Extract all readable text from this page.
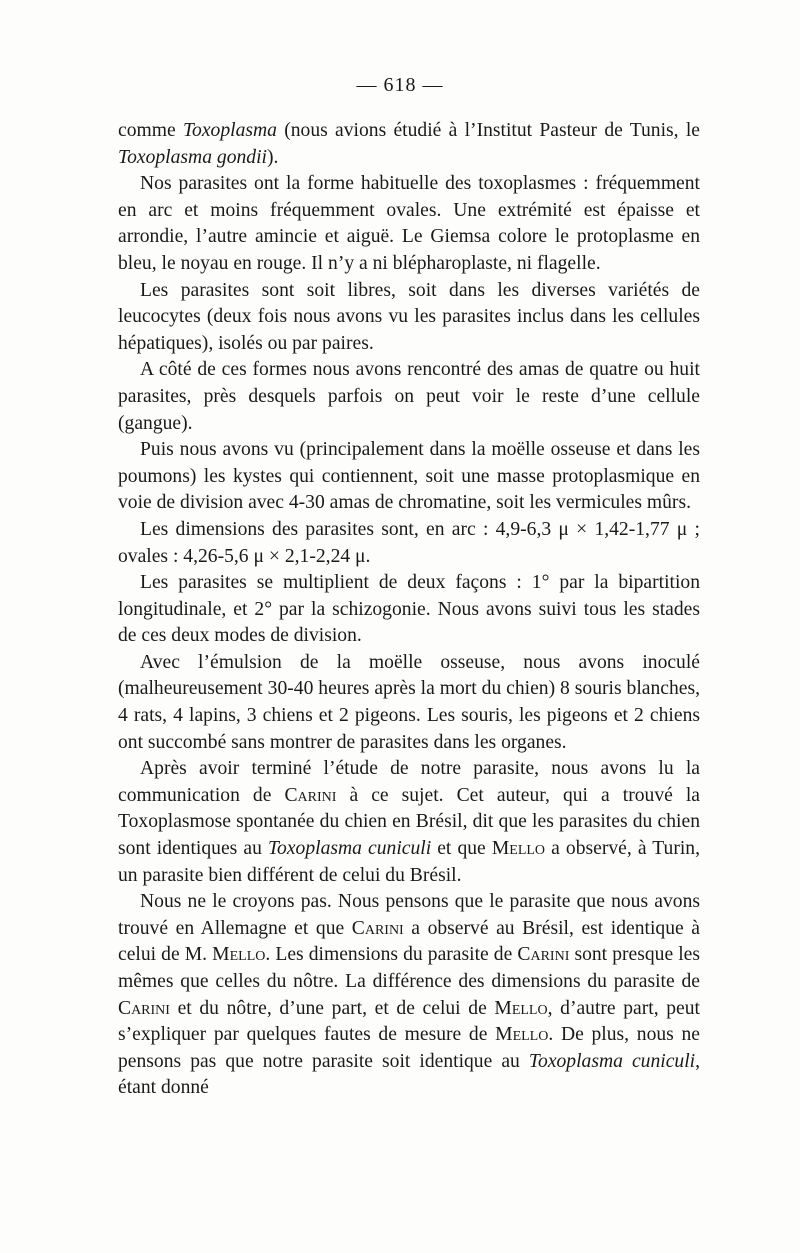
— 618 —

comme Toxoplasma (nous avions étudié à l’Institut Pasteur de Tunis, le Toxoplasma gondii).

Nos parasites ont la forme habituelle des toxoplasmes : fréquemment en arc et moins fréquemment ovales. Une extrémité est épaisse et arrondie, l’autre amincie et aiguë. Le Giemsa colore le protoplasme en bleu, le noyau en rouge. Il n’y a ni blépharoplaste, ni flagelle.

Les parasites sont soit libres, soit dans les diverses variétés de leucocytes (deux fois nous avons vu les parasites inclus dans les cellules hépatiques), isolés ou par paires.

A côté de ces formes nous avons rencontré des amas de quatre ou huit parasites, près desquels parfois on peut voir le reste d’une cellule (gangue).

Puis nous avons vu (principalement dans la moëlle osseuse et dans les poumons) les kystes qui contiennent, soit une masse protoplasmique en voie de division avec 4-30 amas de chromatine, soit les vermicules mûrs.

Les dimensions des parasites sont, en arc : 4,9-6,3 μ × 1,42-1,77 μ ; ovales : 4,26-5,6 μ × 2,1-2,24 μ.

Les parasites se multiplient de deux façons : 1° par la bipartition longitudinale, et 2° par la schizogonie. Nous avons suivi tous les stades de ces deux modes de division.

Avec l’émulsion de la moëlle osseuse, nous avons inoculé (malheureusement 30-40 heures après la mort du chien) 8 souris blanches, 4 rats, 4 lapins, 3 chiens et 2 pigeons. Les souris, les pigeons et 2 chiens ont succombé sans montrer de parasites dans les organes.

Après avoir terminé l’étude de notre parasite, nous avons lu la communication de Carini à ce sujet. Cet auteur, qui a trouvé la Toxoplasmose spontanée du chien en Brésil, dit que les parasites du chien sont identiques au Toxoplasma cuniculi et que Mello a observé, à Turin, un parasite bien différent de celui du Brésil.

Nous ne le croyons pas. Nous pensons que le parasite que nous avons trouvé en Allemagne et que Carini a observé au Brésil, est identique à celui de M. Mello. Les dimensions du parasite de Carini sont presque les mêmes que celles du nôtre. La différence des dimensions du parasite de Carini et du nôtre, d’une part, et de celui de Mello, d’autre part, peut s’expliquer par quelques fautes de mesure de Mello. De plus, nous ne pensons pas que notre parasite soit identique au Toxoplasma cuniculi, étant donné
